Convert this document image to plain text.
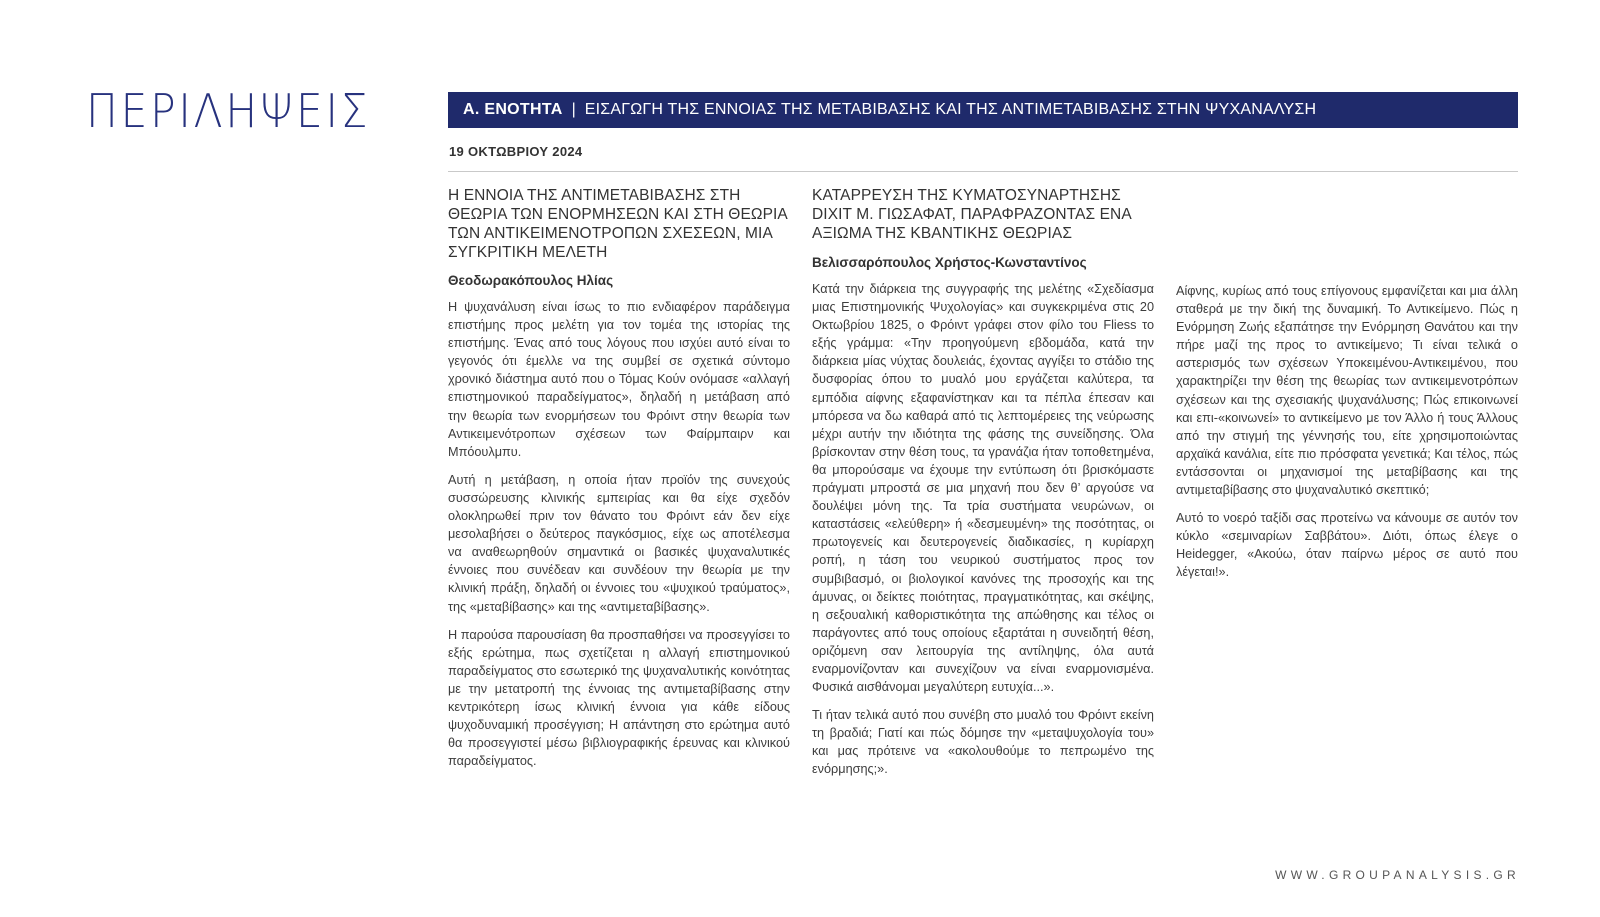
ΠΕΡΙΛΗΨΕΙΣ	Α. ΕΝΟΤΗΤΑ | ΕΙΣΑΓΩΓΗ ΤΗΣ ΕΝΝΟΙΑΣ ΤΗΣ ΜΕΤΑΒΙΒΑΣΗΣ ΚΑΙ ΤΗΣ ΑΝΤΙΜΕΤΑΒΙΒΑΣΗΣ ΣΤΗΝ ΨΥΧΑΝΑΛΥΣΗ
19 ΟΚΤΩΒΡΙΟΥ 2024
Η ΕΝΝΟΙΑ ΤΗΣ ΑΝΤΙΜΕΤΑΒΙΒΑΣΗΣ ΣΤΗ ΘΕΩΡΙΑ ΤΩΝ ΕΝΟΡΜΗΣΕΩΝ ΚΑΙ ΣΤΗ ΘΕΩΡΙΑ ΤΩΝ ΑΝΤΙΚΕΙΜΕΝΟΤΡΟΠΩΝ ΣΧΕΣΕΩΝ, ΜΙΑ ΣΥΓΚΡΙΤΙΚΗ ΜΕΛΕΤΗ
Θεοδωρακόπουλος Ηλίας

Η ψυχανάλυση είναι ίσως το πιο ενδιαφέρον παράδειγμα επιστήμης προς μελέτη για τον τομέα της ιστορίας της επιστήμης. Ένας από τους λόγους που ισχύει αυτό είναι το γεγονός ότι έμελλε να της συμβεί σε σχετικά σύντομο χρονικό διάστημα αυτό που ο Τόμας Κούν ονόμασε «αλλαγή επιστημονικού παραδείγματος», δηλαδή η μετάβαση από την θεωρία των ενορμήσεων του Φρόιντ στην θεωρία των Αντικειμενότροπων σχέσεων των Φαίρμπαιρν και Μπόουλμπυ.

Αυτή η μετάβαση, η οποία ήταν προϊόν της συνεχούς συσσώρευσης κλινικής εμπειρίας και θα είχε σχεδόν ολοκληρωθεί πριν τον θάνατο του Φρόιντ εάν δεν είχε μεσολαβήσει ο δεύτερος παγκόσμιος, είχε ως αποτέλεσμα να αναθεωρηθούν σημαντικά οι βασικές ψυχαναλυτικές έννοιες που συνέδεαν και συνδέουν την θεωρία με την κλινική πράξη, δηλαδή οι έννοιες του «ψυχικού τραύματος», της «μεταβίβασης» και της «αντιμεταβίβασης».

Η παρούσα παρουσίαση θα προσπαθήσει να προσεγγίσει το εξής ερώτημα, πως σχετίζεται η αλλαγή επιστημονικού παραδείγματος στο εσωτερικό της ψυχαναλυτικής κοινότητας με την μετατροπή της έννοιας της αντιμεταβίβασης στην κεντρικότερη ίσως κλινική έννοια για κάθε είδους ψυχοδυναμική προσέγγιση; Η απάντηση στο ερώτημα αυτό θα προσεγγιστεί μέσω βιβλιογραφικής έρευνας και κλινικού παραδείγματος.

ΚΑΤΑΡΡΕΥΣΗ ΤΗΣ ΚΥΜΑΤΟΣΥΝΑΡΤΗΣΗΣ DIXIT M. ΓΙΩΣΑΦΑΤ, ΠΑΡΑΦΡΑΖΟΝΤΑΣ ΕΝΑ ΑΞΙΩΜΑ ΤΗΣ ΚΒΑΝΤΙΚΗΣ ΘΕΩΡΙΑΣ
Βελισσαρόπουλος Χρήστος-Κωνσταντίνος

Κατά την διάρκεια της συγγραφής της μελέτης «Σχεδίασμα μιας Επιστημονικής Ψυχολογίας» και συγκεκριμένα στις 20 Οκτωβρίου 1825, ο Φρόιντ γράφει στον φίλο του Fliess το εξής γράμμα: «Την προηγούμενη εβδομάδα, κατά την διάρκεια μίας νύχτας δουλειάς, έχοντας αγγίξει το στάδιο της δυσφορίας όπου το μυαλό μου εργάζεται καλύτερα, τα εμπόδια αίφνης εξαφανίστηκαν και τα πέπλα έπεσαν και μπόρεσα να δω καθαρά από τις λεπτομέρειες της νεύρωσης μέχρι αυτήν την ιδιότητα της φάσης της συνείδησης. Όλα βρίσκονταν στην θέση τους, τα γρανάζια ήταν τοποθετημένα, θα μπορούσαμε να έχουμε την εντύπωση ότι βρισκόμαστε πράγματι μπροστά σε μια μηχανή που δεν θ’ αργούσε να δουλέψει μόνη της. Τα τρία συστήματα νευρώνων, οι καταστάσεις «ελεύθερη» ή «δεσμευμένη» της ποσότητας, οι πρωτογενείς και δευτερογενείς διαδικασίες, η κυρίαρχη ροπή, η τάση του νευρικού συστήματος προς τον συμβιβασμό, οι βιολογικοί κανόνες της προσοχής και της άμυνας, οι δείκτες ποιότητας, πραγματικότητας, και σκέψης, η σεξουαλική καθοριστικότητα της απώθησης και τέλος οι παράγοντες από τους οποίους εξαρτάται η συνειδητή θέση, οριζόμενη σαν λειτουργία της αντίληψης, όλα αυτά εναρμονίζονταν και συνεχίζουν να είναι εναρμονισμένα. Φυσικά αισθάνομαι μεγαλύτερη ευτυχία...».

Τι ήταν τελικά αυτό που συνέβη στο μυαλό του Φρόιντ εκείνη τη βραδιά; Γιατί και πώς δόμησε την «μεταψυχολογία του» και μας πρότεινε να «ακολουθούμε το πεπρωμένο της ενόρμησης;».

Αίφνης, κυρίως από τους επίγονους εμφανίζεται και μια άλλη σταθερά με την δική της δυναμική. Το Αντικείμενο. Πώς η Ενόρμηση Ζωής εξαπάτησε την Ενόρμηση Θανάτου και την πήρε μαζί της προς το αντικείμενο; Τι είναι τελικά ο αστερισμός των σχέσεων Υποκειμένου-Αντικειμένου, που χαρακτηρίζει την θέση της θεωρίας των αντικειμενοτρόπων σχέσεων και της σχεσιακής ψυχανάλυσης; Πώς επικοινωνεί και επι-«κοινωνεί» το αντικείμενο με τον Άλλο ή τους Άλλους από την στιγμή της γέννησής του, είτε χρησιμοποιώντας αρχαϊκά κανάλια, είτε πιο πρόσφατα γενετικά; Και τέλος, πώς εντάσσονται οι μηχανισμοί της μεταβίβασης και της αντιμεταβίβασης στο ψυχαναλυτικό σκεπτικό;

Αυτό το νοερό ταξίδι σας προτείνω να κάνουμε σε αυτόν τον κύκλο «σεμιναρίων Σαββάτου». Διότι, όπως έλεγε ο Heidegger, «Ακούω, όταν παίρνω μέρος σε αυτό που λέγεται!».

WWW.GROUPANALYSIS.GR
